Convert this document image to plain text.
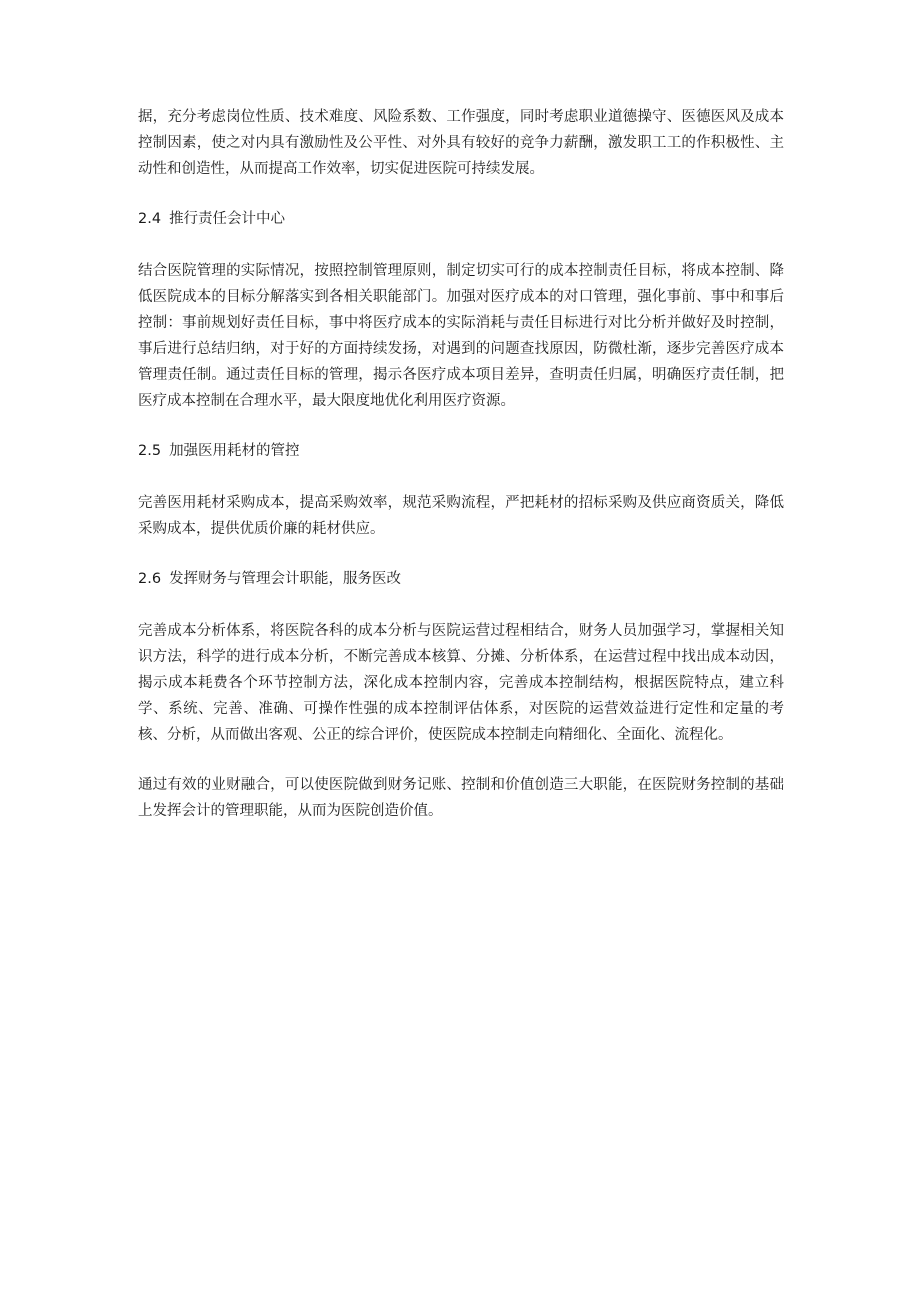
据，充分考虑岗位性质、技术难度、风险系数、工作强度，同时考虑职业道德操守、医德医风及成本控制因素，使之对内具有激励性及公平性、对外具有较好的竞争力薪酬，激发职工工的作积极性、主动性和创造性，从而提高工作效率，切实促进医院可持续发展。

2.4 推行责任会计中心

结合医院管理的实际情况，按照控制管理原则，制定切实可行的成本控制责任目标，将成本控制、降低医院成本的目标分解落实到各相关职能部门。加强对医疗成本的对口管理，强化事前、事中和事后控制：事前规划好责任目标，事中将医疗成本的实际消耗与责任目标进行对比分析并做好及时控制，事后进行总结归纳，对于好的方面持续发扬，对遇到的问题查找原因，防微杜渐，逐步完善医疗成本管理责任制。通过责任目标的管理，揭示各医疗成本项目差异，查明责任归属，明确医疗责任制，把医疗成本控制在合理水平，最大限度地优化利用医疗资源。

2.5 加强医用耗材的管控

完善医用耗材采购成本，提高采购效率，规范采购流程，严把耗材的招标采购及供应商资质关，降低采购成本，提供优质价廉的耗材供应。

2.6 发挥财务与管理会计职能，服务医改

完善成本分析体系，将医院各科的成本分析与医院运营过程相结合，财务人员加强学习，掌握相关知识方法，科学的进行成本分析，不断完善成本核算、分摊、分析体系，在运营过程中找出成本动因，揭示成本耗费各个环节控制方法，深化成本控制内容，完善成本控制结构，根据医院特点，建立科学、系统、完善、准确、可操作性强的成本控制评估体系，对医院的运营效益进行定性和定量的考核、分析，从而做出客观、公正的综合评价，使医院成本控制走向精细化、全面化、流程化。

通过有效的业财融合，可以使医院做到财务记账、控制和价值创造三大职能，在医院财务控制的基础上发挥会计的管理职能，从而为医院创造价值。
